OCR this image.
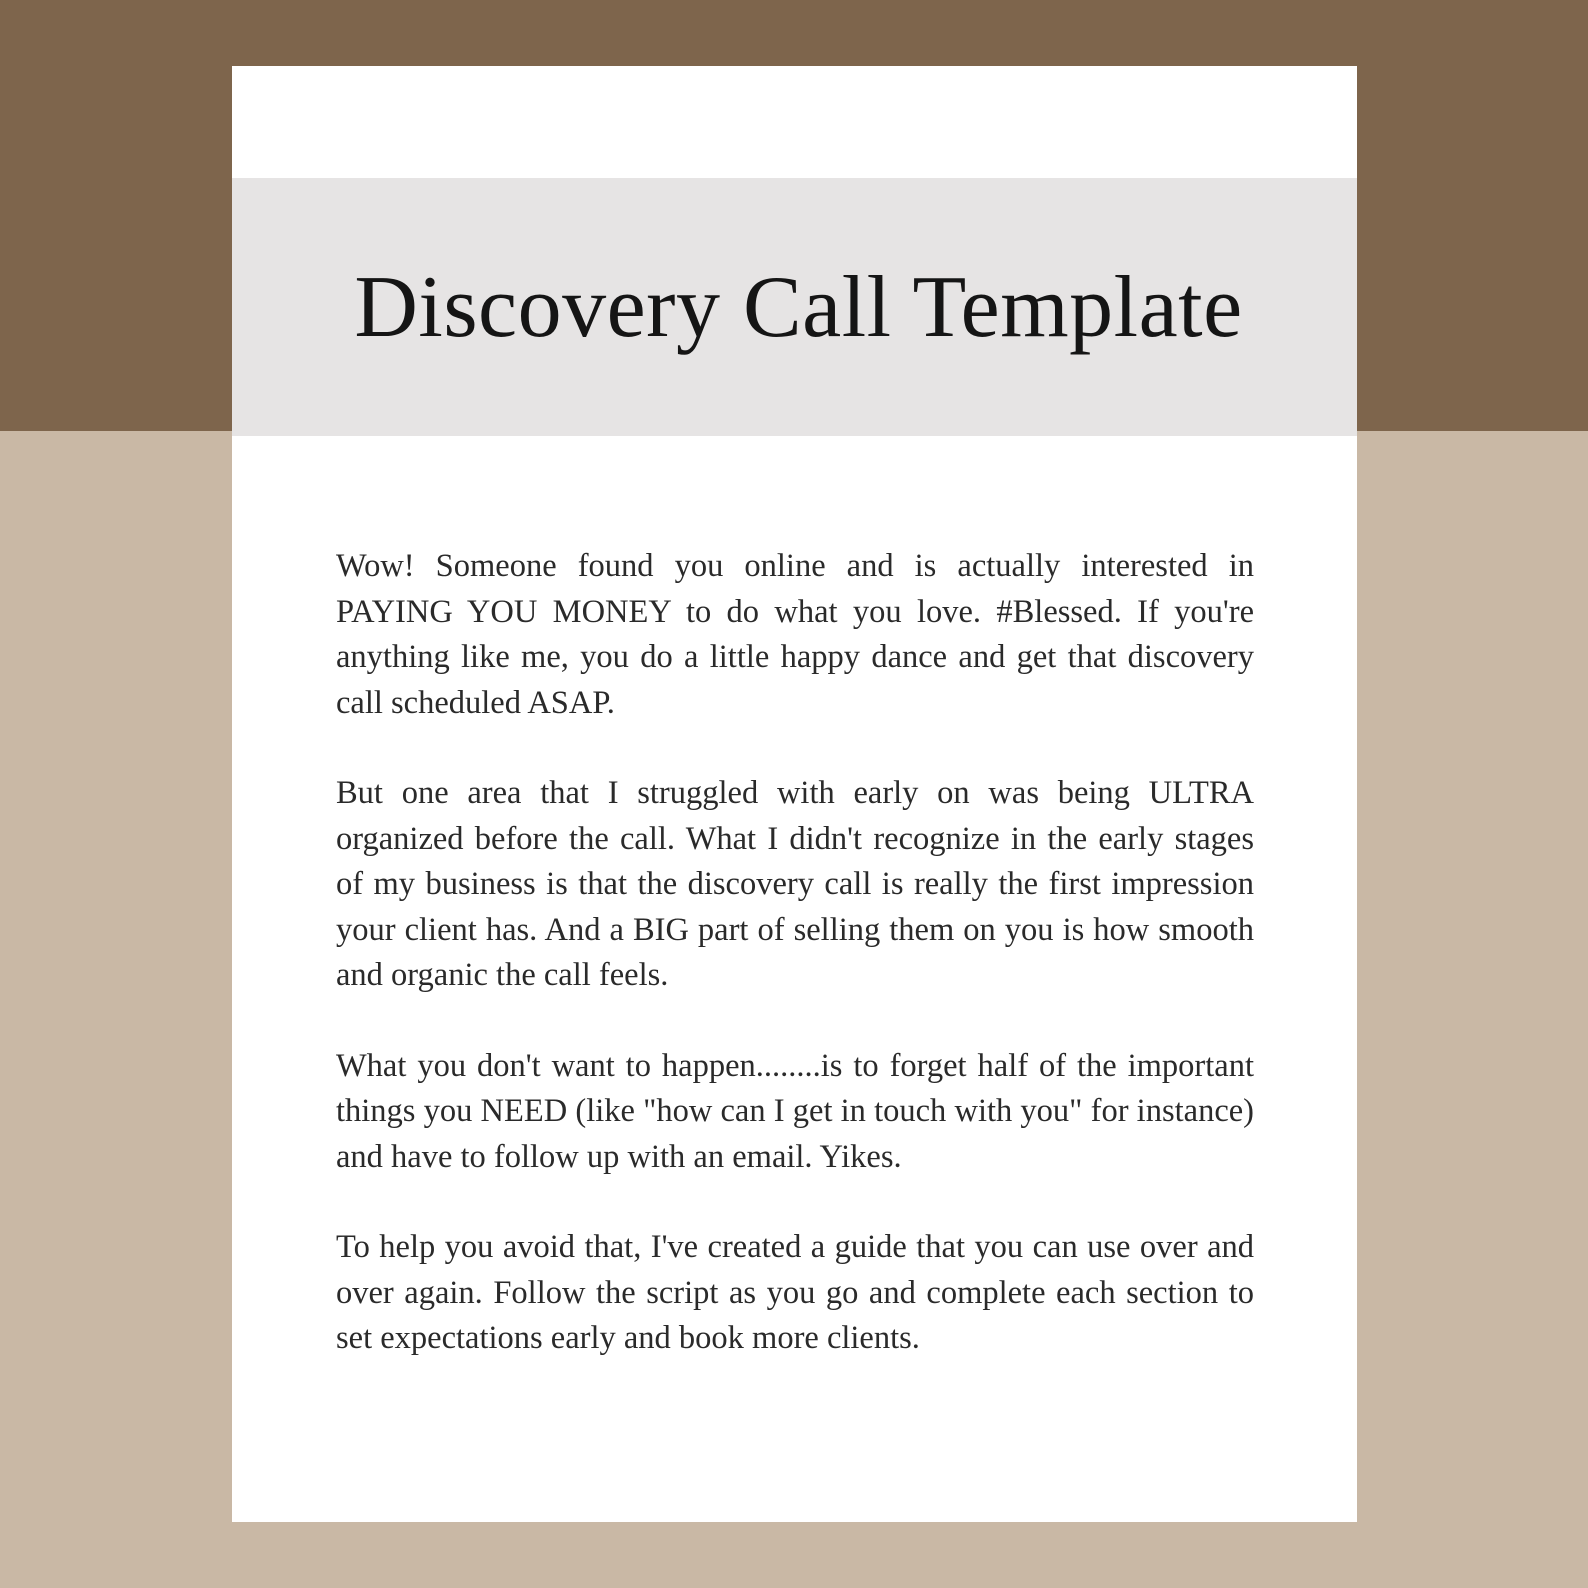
Discovery Call Template

Wow! Someone found you online and is actually interested in PAYING YOU MONEY to do what you love. #Blessed. If you're anything like me, you do a little happy dance and get that discovery call scheduled ASAP.

But one area that I struggled with early on was being ULTRA organized before the call. What I didn't recognize in the early stages of my business is that the discovery call is really the first impression your client has. And a BIG part of selling them on you is how smooth and organic the call feels.

What you don't want to happen........is to forget half of the important things you NEED (like "how can I get in touch with you" for instance) and have to follow up with an email. Yikes.

To help you avoid that, I've created a guide that you can use over and over again. Follow the script as you go and complete each section to set expectations early and book more clients.
